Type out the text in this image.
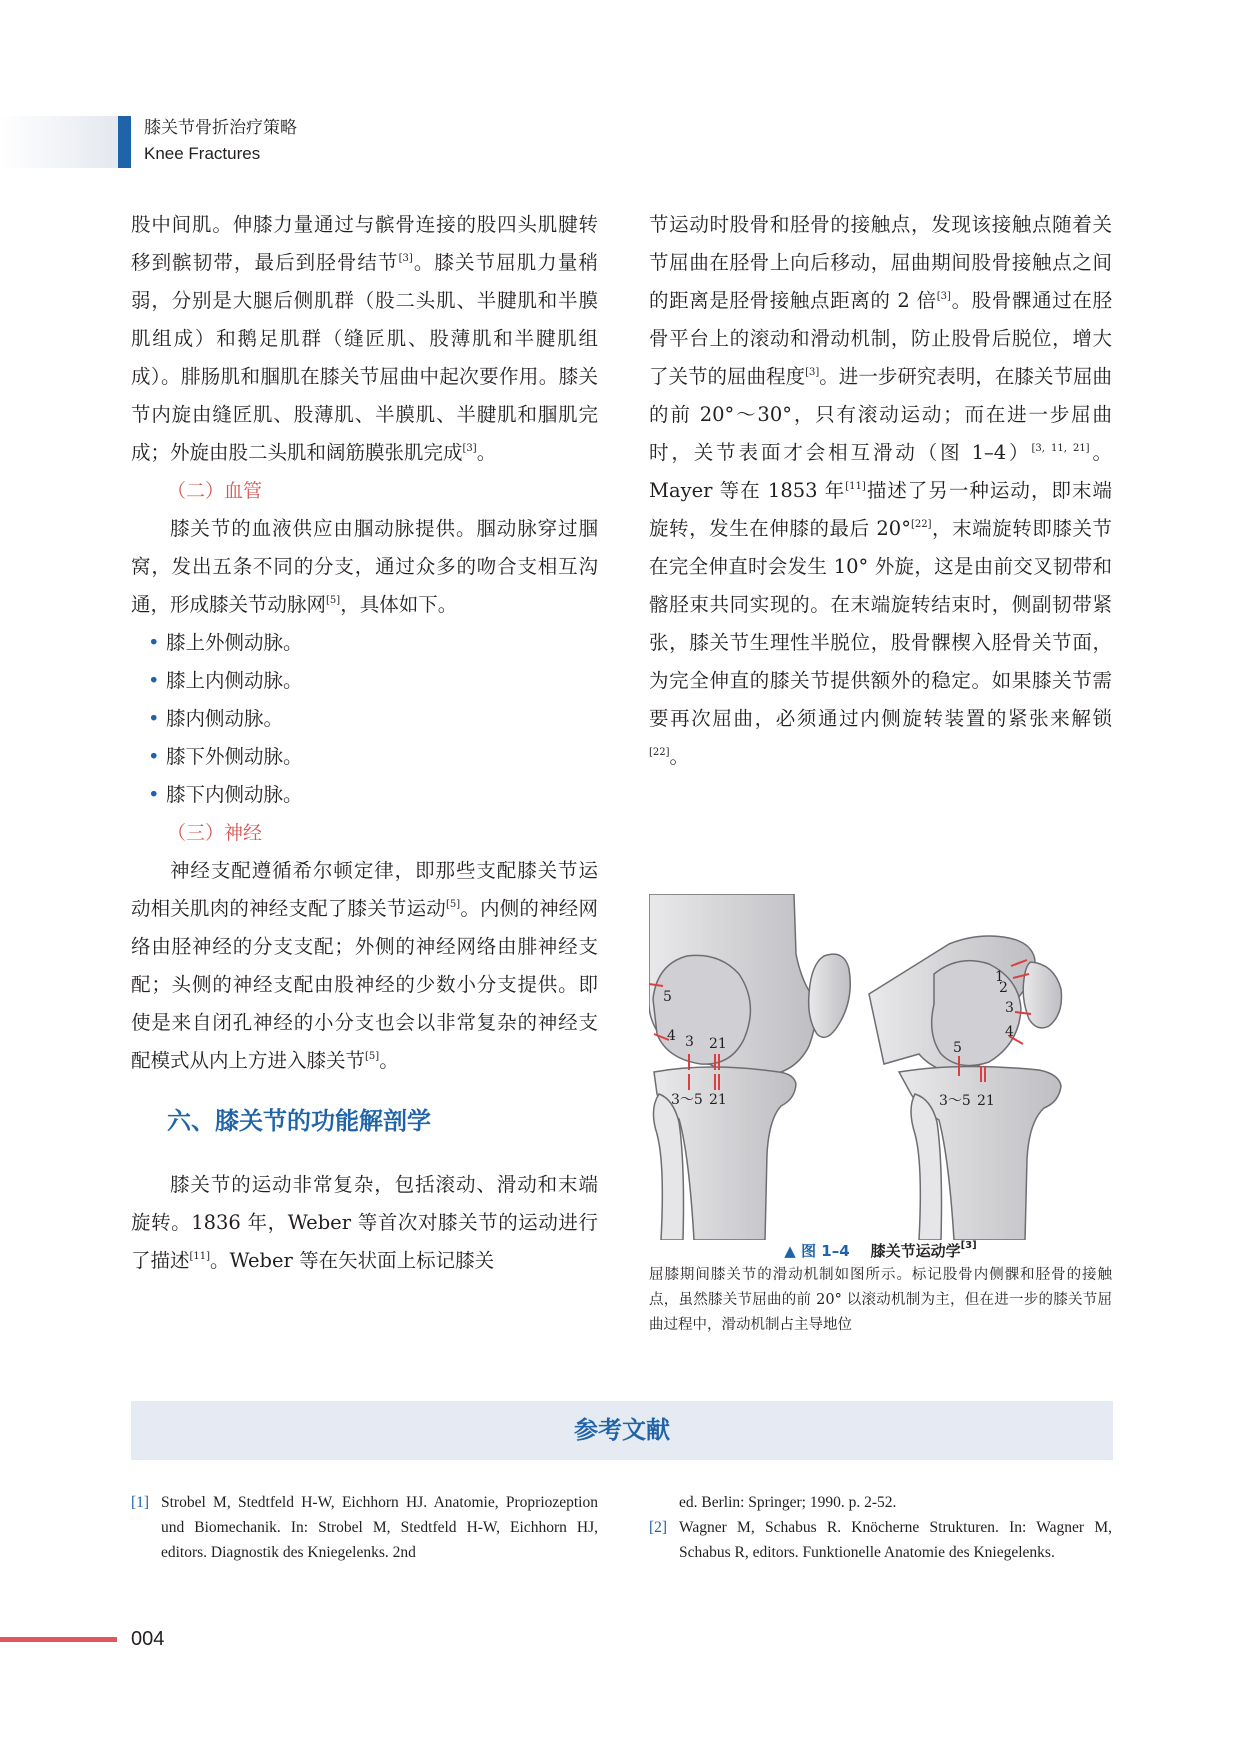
膝关节骨折治疗策略
Knee Fractures

股中间肌。伸膝力量通过与髌骨连接的股四头肌腱转移到髌韧带，最后到胫骨结节[3]。膝关节屈肌力量稍弱，分别是大腿后侧肌群（股二头肌、半腱肌和半膜肌组成）和鹅足肌群（缝匠肌、股薄肌和半腱肌组成）。腓肠肌和腘肌在膝关节屈曲中起次要作用。膝关节内旋由缝匠肌、股薄肌、半膜肌、半腱肌和腘肌完成；外旋由股二头肌和阔筋膜张肌完成[3]。

（二）血管

膝关节的血液供应由腘动脉提供。腘动脉穿过腘窝，发出五条不同的分支，通过众多的吻合支相互沟通，形成膝关节动脉网[5]，具体如下。

• 膝上外侧动脉。
• 膝上内侧动脉。
• 膝内侧动脉。
• 膝下外侧动脉。
• 膝下内侧动脉。
（三）神经

神经支配遵循希尔顿定律，即那些支配膝关节运动相关肌肉的神经支配了膝关节运动[5]。内侧的神经网络由胫神经的分支支配；外侧的神经网络由腓神经支配；头侧的神经支配由股神经的少数小分支提供。即使是来自闭孔神经的小分支也会以非常复杂的神经支配模式从内上方进入膝关节[5]。

六、膝关节的功能解剖学

膝关节的运动非常复杂，包括滚动、滑动和末端旋转。1836 年，Weber 等首次对膝关节的运动进行了描述[11]。Weber 等在矢状面上标记膝关

节运动时股骨和胫骨的接触点，发现该接触点随着关节屈曲在胫骨上向后移动，屈曲期间股骨接触点之间的距离是胫骨接触点距离的 2 倍[3]。股骨髁通过在胫骨平台上的滚动和滑动机制，防止股骨后脱位，增大了关节的屈曲程度[3]。进一步研究表明，在膝关节屈曲的前 20°～30°，只有滚动运动；而在进一步屈曲时，关节表面才会相互滑动（图 1–4）[3, 11, 21]。Mayer 等在 1853 年[11]描述了另一种运动，即末端旋转，发生在伸膝的最后 20°[22]，末端旋转即膝关节在完全伸直时会发生 10° 外旋，这是由前交叉韧带和髂胫束共同实现的。在末端旋转结束时，侧副韧带紧张，膝关节生理性半脱位，股骨髁楔入胫骨关节面，为完全伸直的膝关节提供额外的稳定。如果膝关节需要再次屈曲，必须通过内侧旋转装置的紧张来解锁[22]。

5
4 3 21
3～5 21
1
2
3
4
5
3～5 21
▲ 图 1–4 膝关节运动学[3]
屈膝期间膝关节的滑动机制如图所示。标记股骨内侧髁和胫骨的接触点，虽然膝关节屈曲的前 20° 以滚动机制为主，但在进一步的膝关节屈曲过程中，滑动机制占主导地位
参考文献
[1] Strobel M, Stedtfeld H-W, Eichhorn HJ. Anatomie, Propriozeption und Biomechanik. In: Strobel M, Stedtfeld H-W, Eichhorn HJ, editors. Diagnostik des Kniegelenks. 2nd
ed. Berlin: Springer; 1990. p. 2-52.
[2] Wagner M, Schabus R. Knöcherne Strukturen. In: Wagner M, Schabus R, editors. Funktionelle Anatomie des Kniegelenks.
004
